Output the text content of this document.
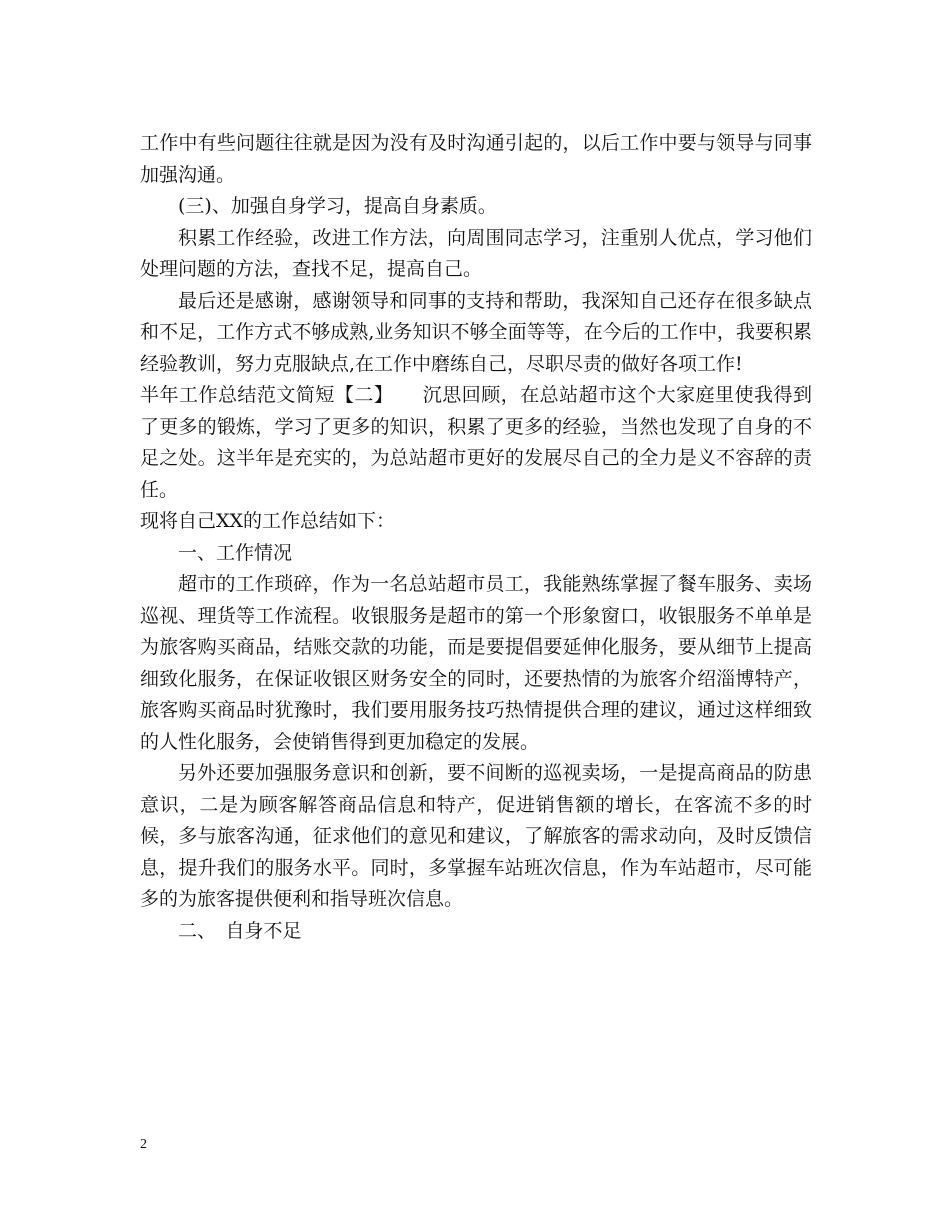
工作中有些问题往往就是因为没有及时沟通引起的，以后工作中要与领导与同事加强沟通。

(三)、加强自身学习，提高自身素质。

积累工作经验，改进工作方法，向周围同志学习，注重别人优点，学习他们处理问题的方法，查找不足，提高自己。

最后还是感谢，感谢领导和同事的支持和帮助，我深知自己还存在很多缺点和不足，工作方式不够成熟,业务知识不够全面等等，在今后的工作中，我要积累经验教训，努力克服缺点,在工作中磨练自己，尽职尽责的做好各项工作!

半年工作总结范文简短【二】　　沉思回顾，在总站超市这个大家庭里使我得到了更多的锻炼，学习了更多的知识，积累了更多的经验，当然也发现了自身的不足之处。这半年是充实的，为总站超市更好的发展尽自己的全力是义不容辞的责任。

现将自己XX的工作总结如下：

一、工作情况

超市的工作琐碎，作为一名总站超市员工，我能熟练掌握了餐车服务、卖场巡视、理货等工作流程。收银服务是超市的第一个形象窗口，收银服务不单单是为旅客购买商品，结账交款的功能，而是要提倡要延伸化服务，要从细节上提高细致化服务，在保证收银区财务安全的同时，还要热情的为旅客介绍淄博特产，旅客购买商品时犹豫时，我们要用服务技巧热情提供合理的建议，通过这样细致的人性化服务，会使销售得到更加稳定的发展。

另外还要加强服务意识和创新，要不间断的巡视卖场，一是提高商品的防患意识，二是为顾客解答商品信息和特产，促进销售额的增长，在客流不多的时候，多与旅客沟通，征求他们的意见和建议，了解旅客的需求动向，及时反馈信息，提升我们的服务水平。同时，多掌握车站班次信息，作为车站超市，尽可能多的为旅客提供便利和指导班次信息。

二、　自身不足

2
